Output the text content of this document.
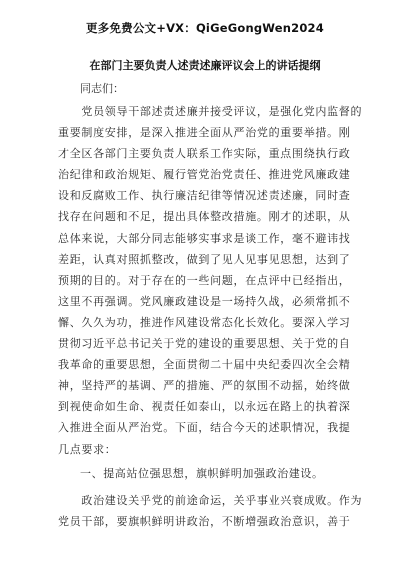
更多免费公文+VX：QiGeGongWen2024
在部门主要负责人述责述廉评议会上的讲话提纲
同志们：
　　党员领导干部述责述廉并接受评议，是强化党内监督的
重要制度安排，是深入推进全面从严治党的重要举措。刚
才全区各部门主要负责人联系工作实际，重点围绕执行政
治纪律和政治规矩、履行管党治党责任、推进党风廉政建
设和反腐败工作、执行廉洁纪律等情况述责述廉，同时查
找存在问题和不足，提出具体整改措施。刚才的述职，从
总体来说，大部分同志能够实事求是谈工作，毫不避讳找
差距，认真对照抓整改，做到了见人见事见思想，达到了
预期的目的。对于存在的一些问题，在点评中已经指出，
这里不再强调。党风廉政建设是一场持久战，必须常抓不
懈、久久为功，推进作风建设常态化长效化。要深入学习
贯彻习近平总书记关于党的建设的重要思想、关于党的自
我革命的重要思想，全面贯彻二十届中央纪委四次全会精
神，坚持严的基调、严的措施、严的氛围不动摇，始终做
到视使命如生命、视责任如泰山，以永远在路上的执着深
入推进全面从严治党。下面，结合今天的述职情况，我提
几点要求：
一、提高站位强思想，旗帜鲜明加强政治建设。
　　政治建设关乎党的前途命运，关乎事业兴衰成败。作为
党员干部，要旗帜鲜明讲政治，不断增强政治意识，善于
